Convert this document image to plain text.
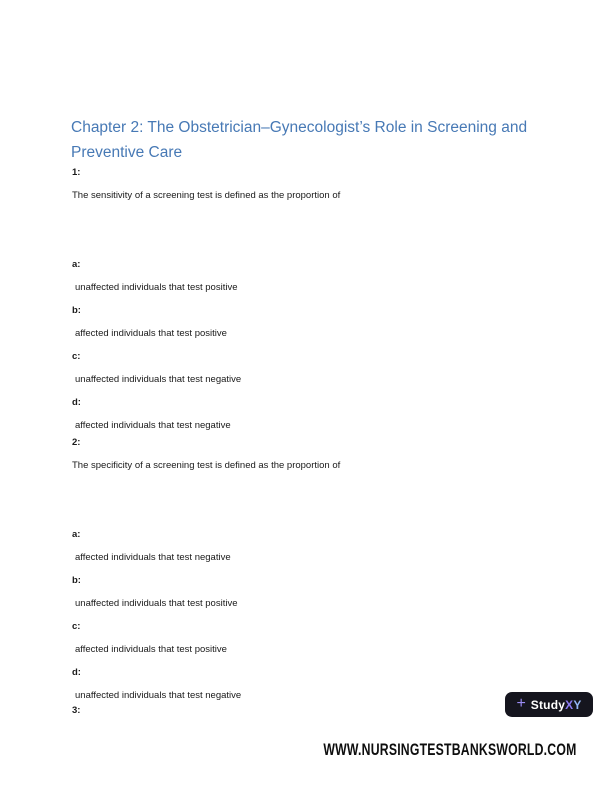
Chapter 2: The Obstetrician–Gynecologist’s Role in Screening and
Preventive Care
1:
The sensitivity of a screening test is defined as the proportion of
a:
unaffected individuals that test positive
b:
affected individuals that test positive
c:
unaffected individuals that test negative
d:
affected individuals that test negative
2:
The specificity of a screening test is defined as the proportion of
a:
affected individuals that test negative
b:
unaffected individuals that test positive
c:
affected individuals that test positive
d:
unaffected individuals that test negative
3:	+ StudyXY
WWW.NURSINGTESTBANKSWORLD.COM
